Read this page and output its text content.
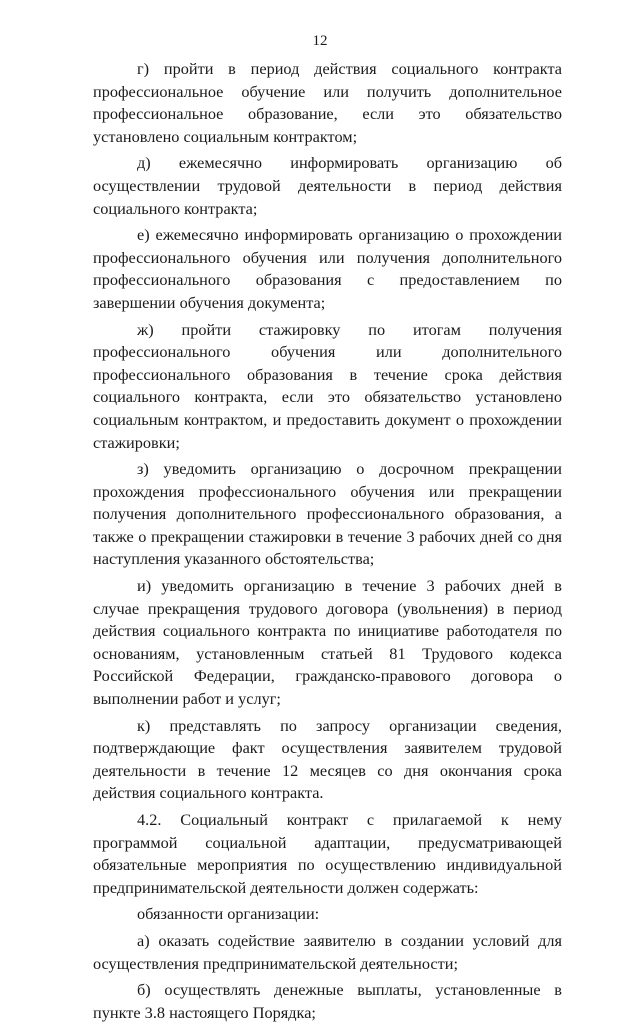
12

г) пройти в период действия социального контракта профессиональное обучение или получить дополнительное профессиональное образование, если это обязательство установлено социальным контрактом;

д) ежемесячно информировать организацию об осуществлении трудовой деятельности в период действия социального контракта;

е) ежемесячно информировать организацию о прохождении профессионального обучения или получения дополнительного профессионального образования с предоставлением по завершении обучения документа;

ж) пройти стажировку по итогам получения профессионального обучения или дополнительного профессионального образования в течение срока действия социального контракта, если это обязательство установлено социальным контрактом, и предоставить документ о прохождении стажировки;

з) уведомить организацию о досрочном прекращении прохождения профессионального обучения или прекращении получения дополнительного профессионального образования, а также о прекращении стажировки в течение 3 рабочих дней со дня наступления указанного обстоятельства;

и) уведомить организацию в течение 3 рабочих дней в случае прекращения трудового договора (увольнения) в период действия социального контракта по инициативе работодателя по основаниям, установленным статьей 81 Трудового кодекса Российской Федерации, гражданско-правового договора о выполнении работ и услуг;

к) представлять по запросу организации сведения, подтверждающие факт осуществления заявителем трудовой деятельности в течение 12 месяцев со дня окончания срока действия социального контракта.

4.2. Социальный контракт с прилагаемой к нему программой социальной адаптации, предусматривающей обязательные мероприятия по осуществлению индивидуальной предпринимательской деятельности должен содержать:

обязанности организации:

а) оказать содействие заявителю в создании условий для осуществления предпринимательской деятельности;

б) осуществлять денежные выплаты, установленные в пункте 3.8 настоящего Порядка;
